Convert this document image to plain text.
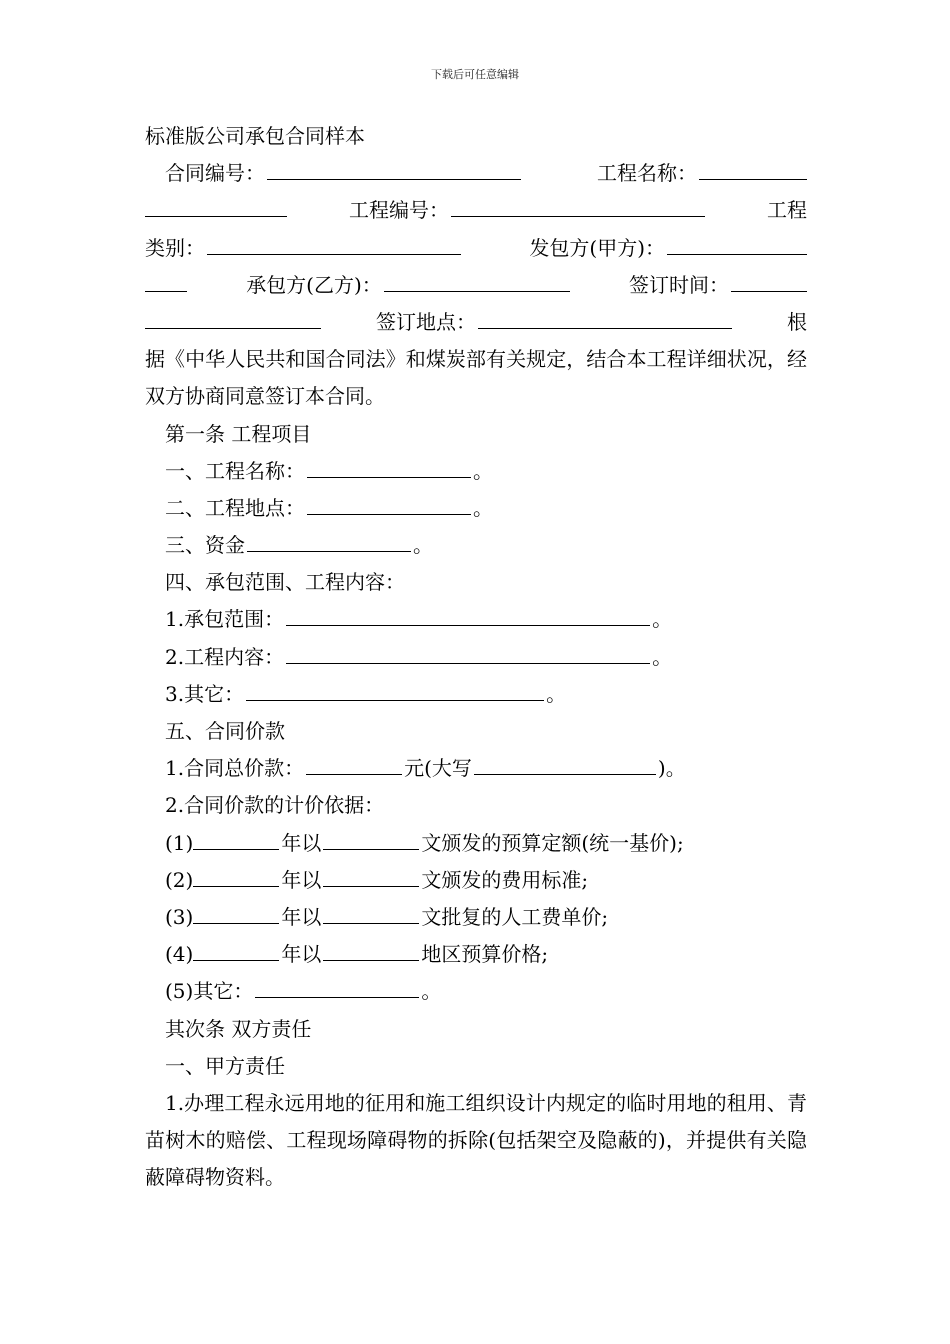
下载后可任意编辑
标准版公司承包合同样本
合同编号：	工程名称：
工程编号：	工程
类别：	发包方(甲方)：
承包方(乙方)：	签订时间：
签订地点：	根
据《中华人民共和国合同法》和煤炭部有关规定，结合本工程详细状况，经双方协商同意签订本合同。
第一条 工程项目
一、工程名称：	。
二、工程地点：	。
三、资金	。
四、承包范围、工程内容：
1.承包范围：	。
2.工程内容：	。
3.其它：	。
五、合同价款
1.合同总价款：	元(大写	)。
2.合同价款的计价依据：
(1)	年以	文颁发的预算定额(统一基价);
(2)	年以	文颁发的费用标准;
(3)	年以	文批复的人工费单价;
(4)	年以	地区预算价格;
(5)其它：	。
其次条 双方责任
一、甲方责任
1.办理工程永远用地的征用和施工组织设计内规定的临时用地的租用、青苗树木的赔偿、工程现场障碍物的拆除(包括架空及隐蔽的)，并提供有关隐蔽障碍物资料。
